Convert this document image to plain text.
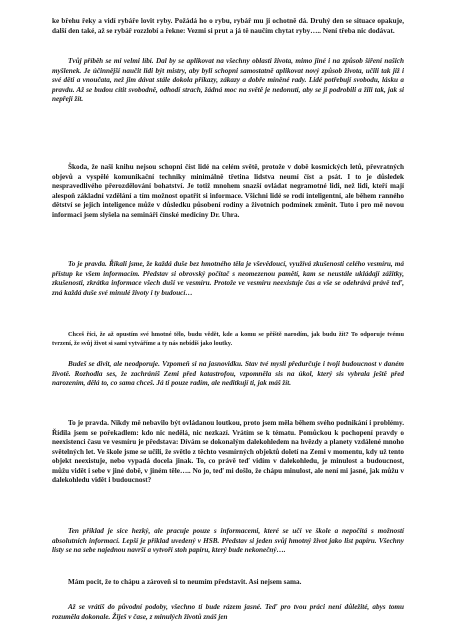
ke břehu řeky a vidí rybáře lovit ryby. Požádá ho o rybu, rybář mu ji ochotně dá. Druhý den se situace opakuje, další den také, až se rybář rozzlobí a řekne: Vezmi si prut a já tě naučím chytat ryby….. Není třeba nic dodávat.

Tvůj příběh se mi velmi líbí. Dal by se aplikovat na všechny oblasti života, mimo jiné i na způsob šíření našich myšlenek. Je účinnější naučit lidi být mistry, aby byli schopni samostatně aplikovat nový způsob života, učili tak již i své děti a vnoučata, než jim dávat stále dokola příkazy, zákazy a dobře míněné rady. Lidé potřebují svobodu, lásku a pravdu. Až se budou cítit svobodně, odhodí strach, žádná moc na světě je nedonutí, aby se ji podrobili a žili tak, jak si nepřejí žít.

Škoda, že naši knihu nejsou schopni číst lidé na celém světě, protože v době kosmických letů, převratných objevů a vyspělé komunikační techniky minimálně třetina lidstva neumí číst a psát. I to je důsledek nespravedlivého přerozdělování bohatství. Je totiž mnohem snazší ovládat negramotné lidi, než lidi, kteří mají alespoň základní vzdělání a tím možnost opatřit si informace. Všichni lidé se rodí inteligentní, ale během ranného dětství se jejich inteligence může v důsledku působení rodiny a životních podmínek změnit. Tuto i pro mě novou informaci jsem slyšela na semináři čínské medicíny Dr. Uhra.

To je pravda. Říkali jsme, že každá duše bez hmotného těla je vševědoucí, využívá zkušenosti celého vesmíru, má přístup ke všem informacím. Představ si obrovský počítač s neomezenou pamětí, kam se neustále ukládají zážitky, zkušenosti, zkrátka informace všech duší ve vesmíru. Protože ve vesmíru neexistuje čas a vše se odehrává právě teď, zná každá duše své minulé životy i ty budoucí…

Chceš říci, že až opustím své hmotné tělo, budu vědět, kde a komu se příště narodím, jak budu žít? To odporuje tvému tvrzení, že svůj život si sami vytváříme a ty nás nebídíš jako loutky.

Budeš se divit, ale neodporuje. Vzpomeň si na jasnovidku. Stav tvé mysli předurčuje i tvoji budoucnost v daném životě. Rozhodla ses, že zachráníš Zemi před katastrofou, vzpomněla sis na úkol, který sis vybrala ještě před narozením, dělá to, co sama chceš. Já ti pouze radím, ale neditkují ti, jak máš žít.

To je pravda. Nikdy mě nebavilo být ovládanou loutkou, proto jsem měla během svého podnikání i problémy. Řídila jsem se pořekadlem: kdo nic nedělá, nic nezkazí. Vrátím se k tématu. Pomůckou k pochopení pravdy o neexistenci času ve vesmíru je představa: Dívám se dokonalým dalekohledem na hvězdy a planety vzdálené mnoho světelných let. Ve škole jsme se učili, že světlo z těchto vesmírných objektů doletí na Zemi v momentu, kdy už tento objekt neexistuje, nebo vypadá docela jinak. To, co právě teď vidím v dalekohledu, je minulost a budoucnost, můžu vidět i sebe v jiné době, v jiném těle….. No jo, teď mi došlo, že chápu minulost, ale není mi jasné, jak můžu v dalekohledu vidět i budoucnost?

Ten příklad je sice hezký, ale pracuje pouze s informacemi, které se učí ve škole a nepočítá s možností absolutních informací. Lepší je příklad uvedený v HSB. Představ si jeden svůj hmotný život jako list papíru. Všechny listy se na sebe najednou navrší a vytvoří stoh papíru, který bude nekonečný….

Mám pocit, že to chápu a zároveň si to neumím představit. Asi nejsem sama.

Až se vrátíš do původní podoby, všechno ti bude rázem jasné. Teď pro tvou práci není důležité, abys tomu rozuměla dokonale. Žiješ v čase, z minulých životů znáš jen
